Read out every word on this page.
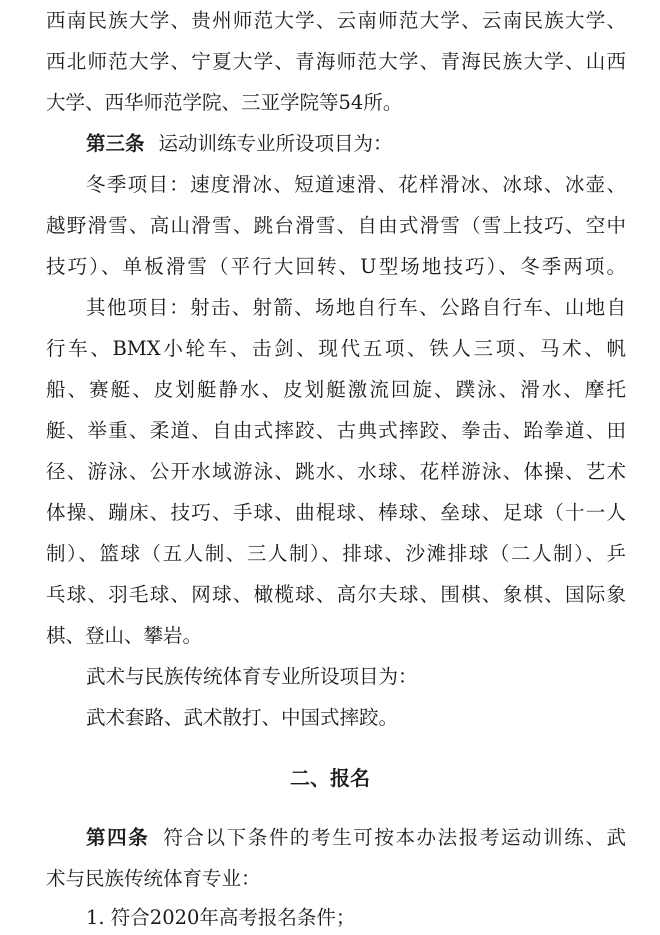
西南民族大学、贵州师范大学、云南师范大学、云南民族大学、
西北师范大学、宁夏大学、青海师范大学、青海民族大学、山西
大学、西华师范学院、三亚学院等54所。
第三条 运动训练专业所设项目为：
冬季项目：速度滑冰、短道速滑、花样滑冰、冰球、冰壶、
越野滑雪、高山滑雪、跳台滑雪、自由式滑雪（雪上技巧、空中
技巧）、单板滑雪（平行大回转、U型场地技巧）、冬季两项。
其他项目：射击、射箭、场地自行车、公路自行车、山地自
行车、BMX小轮车、击剑、现代五项、铁人三项、马术、帆
船、赛艇、皮划艇静水、皮划艇激流回旋、蹼泳、滑水、摩托
艇、举重、柔道、自由式摔跤、古典式摔跤、拳击、跆拳道、田
径、游泳、公开水域游泳、跳水、水球、花样游泳、体操、艺术
体操、蹦床、技巧、手球、曲棍球、棒球、垒球、足球（十一人
制）、篮球（五人制、三人制）、排球、沙滩排球（二人制）、乒
乓球、羽毛球、网球、橄榄球、高尔夫球、围棋、象棋、国际象
棋、登山、攀岩。
武术与民族传统体育专业所设项目为：
武术套路、武术散打、中国式摔跤。
二、报名
第四条 符合以下条件的考生可按本办法报考运动训练、武
术与民族传统体育专业：
1. 符合2020年高考报名条件；
